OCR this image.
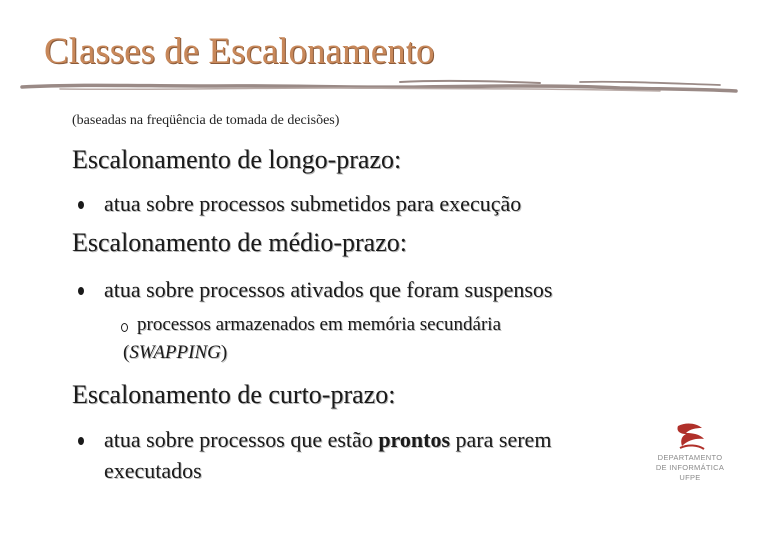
Classes de Escalonamento
(baseadas na freqüência de tomada de decisões)
Escalonamento de longo-prazo:
atua sobre processos submetidos para execução
Escalonamento de médio-prazo:
atua sobre processos ativados que foram suspensos
processos armazenados em memória secundária
(SWAPPING)
Escalonamento de curto-prazo:
atua sobre processos que estão prontos para serem
executados
DEPARTAMENTO
DE INFORMÁTICA
UFPE
